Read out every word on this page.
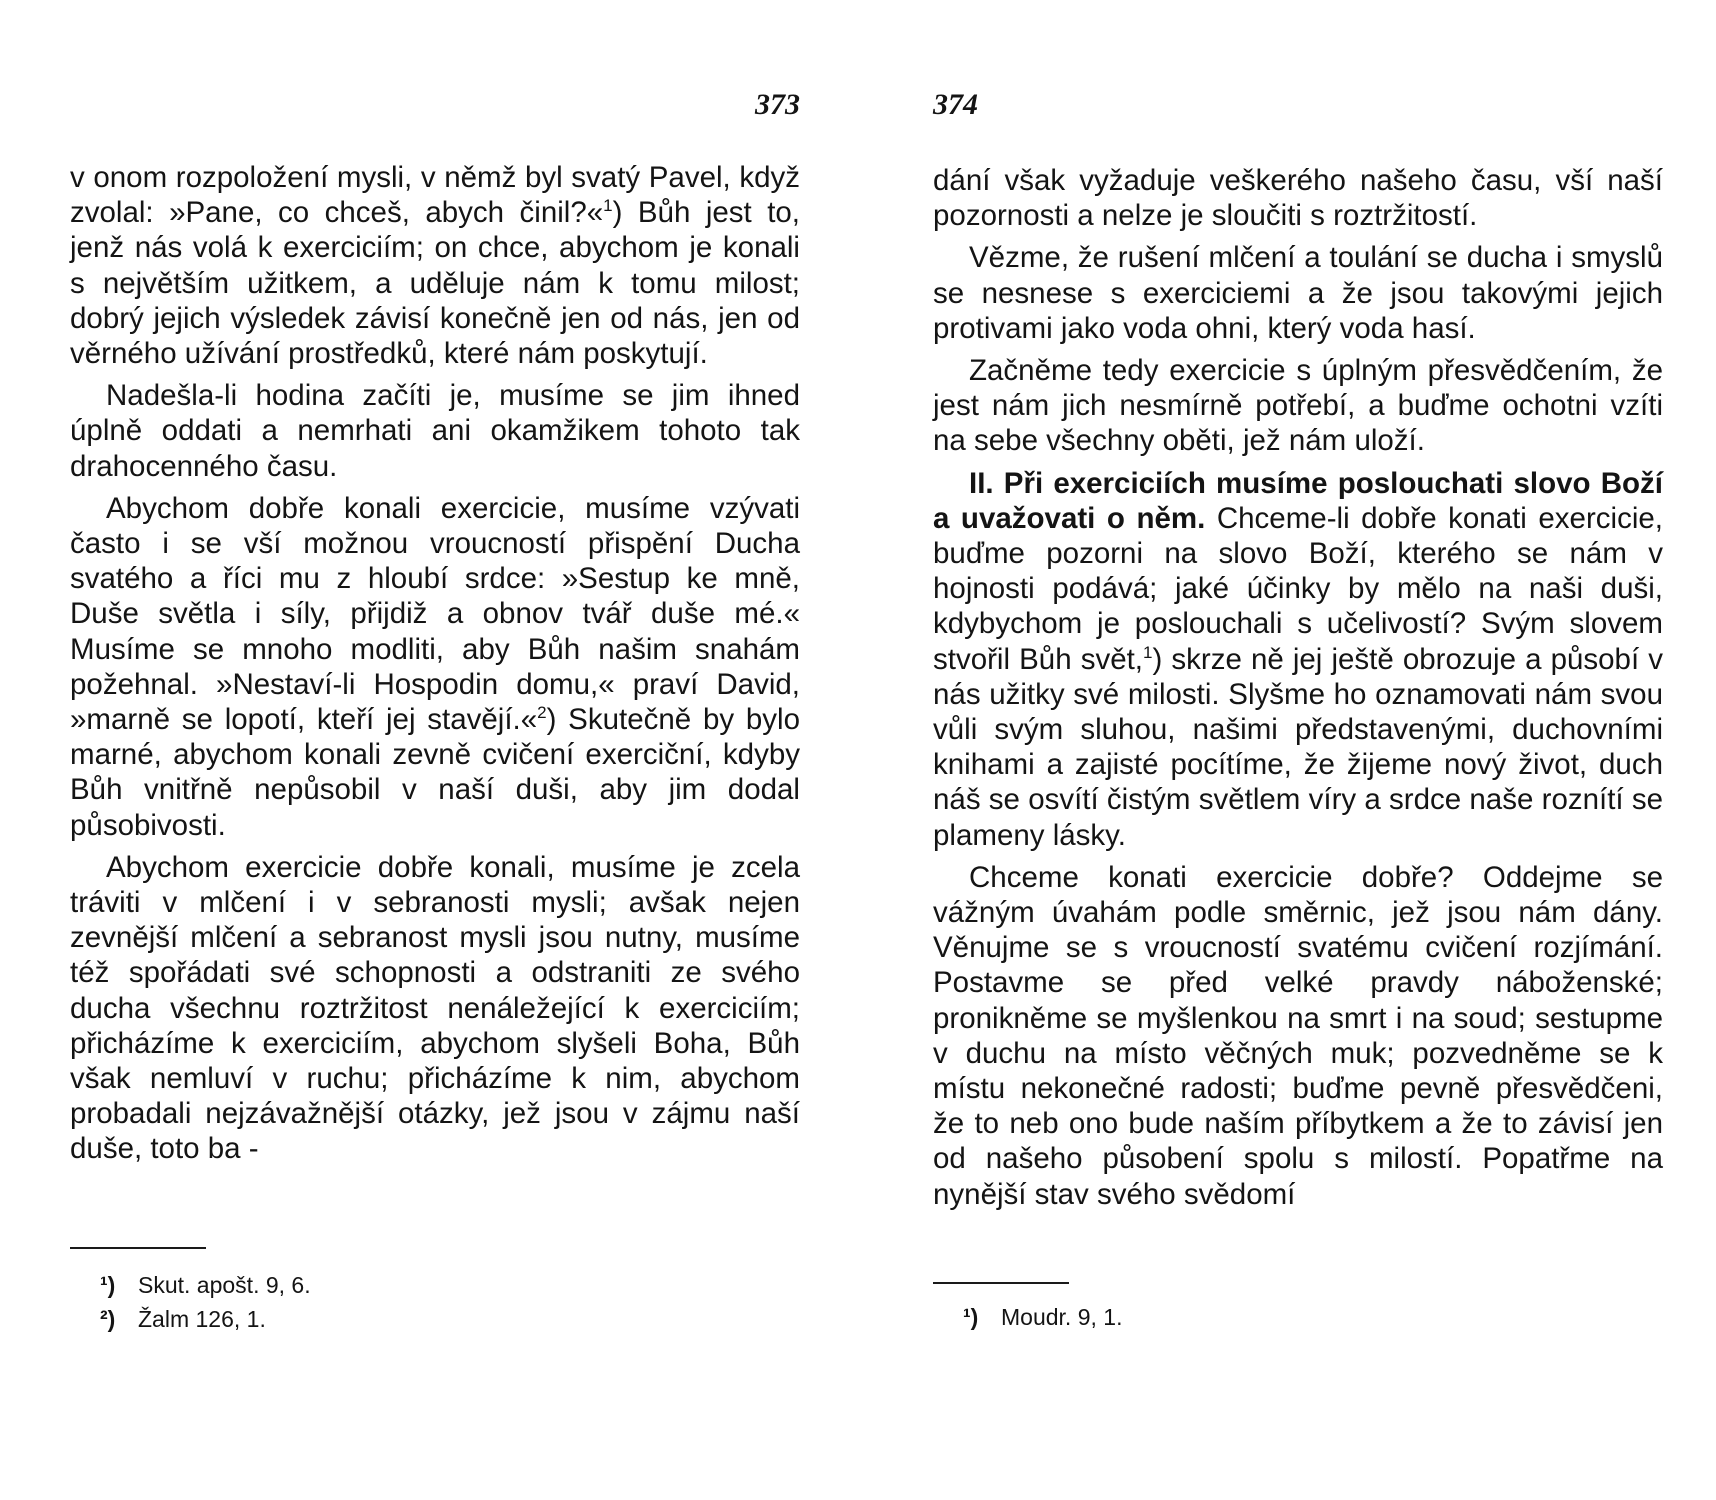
373

v onom rozpoložení mysli, v němž byl svatý Pavel, když zvolal: »Pane, co chceš, abych činil?«$^1$) Bůh jest to, jenž nás volá k exerciciím; on chce, abychom je konali s největším užitkem, a uděluje nám k tomu milost; dobrý jejich výsledek závisí konečně jen od nás, jen od věrného užívání prostředků, které nám poskytují.

Nadešla-li hodina začíti je, musíme se jim ihned úplně oddati a nemrhati ani okamžikem tohoto tak drahocenného času.

Abychom dobře konali exercicie, musíme vzývati často i se vší možnou vroucností přispění Ducha svatého a říci mu z hloubí srdce: »Sestup ke mně, Duše světla i síly, přijdiž a obnov tvář duše mé.« Musíme se mnoho modliti, aby Bůh našim snahám požehnal. »Nestaví-li Hospodin domu,« praví David, »marně se lopotí, kteří jej stavějí.«$^2$) Skutečně by bylo marné, abychom konali zevně cvičení exerciční, kdyby Bůh vnitřně nepůsobil v naší duši, aby jim dodal působivosti.

Abychom exercicie dobře konali, musíme je zcela tráviti v mlčení i v sebranosti mysli; avšak nejen zevnější mlčení a sebranost mysli jsou nutny, musíme též spořádati své schopnosti a odstraniti ze svého ducha všechnu roztržitost nenáležející k exerciciím; přicházíme k exerciciím, abychom slyšeli Boha, Bůh však nemluví v ruchu; přicházíme k nim, abychom probadali nejzávažnější otázky, jež jsou v zájmu naší duše, toto ba -

¹) Skut. apošt. 9, 6.

²) Žalm 126, 1.

374

dání však vyžaduje veškerého našeho času, vší naší pozornosti a nelze je sloučiti s roztržitostí.

Vězme, že rušení mlčení a toulání se ducha i smyslů se nesnese s exerciciemi a že jsou takovými jejich protivami jako voda ohni, který voda hasí.

Začněme tedy exercicie s úplným přesvědčením, že jest nám jich nesmírně potřebí, a buďme ochotni vzíti na sebe všechny oběti, jež nám uloží.

II. Při exerciciích musíme poslouchati slovo Boží a uvažovati o něm. Chceme-li dobře konati exercicie, buďme pozorni na slovo Boží, kterého se nám v hojnosti podává; jaké účinky by mělo na naši duši, kdybychom je poslouchali s učelivostí? Svým slovem stvořil Bůh svět,$^1$) skrze ně jej ještě obrozuje a působí v nás užitky své milosti. Slyšme ho oznamovati nám svou vůli svým sluhou, našimi představenými, duchovními knihami a zajisté pocítíme, že žijeme nový život, duch náš se osvítí čistým světlem víry a srdce naše roznítí se plameny lásky.

Chceme konati exercicie dobře? Oddejme se vážným úvahám podle směrnic, jež jsou nám dány. Věnujme se s vroucností svatému cvičení rozjímání. Postavme se před velké pravdy náboženské; pronikněme se myšlenkou na smrt i na soud; sestupme v duchu na místo věčných muk; pozvedněme se k místu nekonečné radosti; buďme pevně přesvědčeni, že to neb ono bude naším příbytkem a že to závisí jen od našeho působení spolu s milostí. Popatřme na nynější stav svého svědomí

¹) Moudr. 9, 1.
